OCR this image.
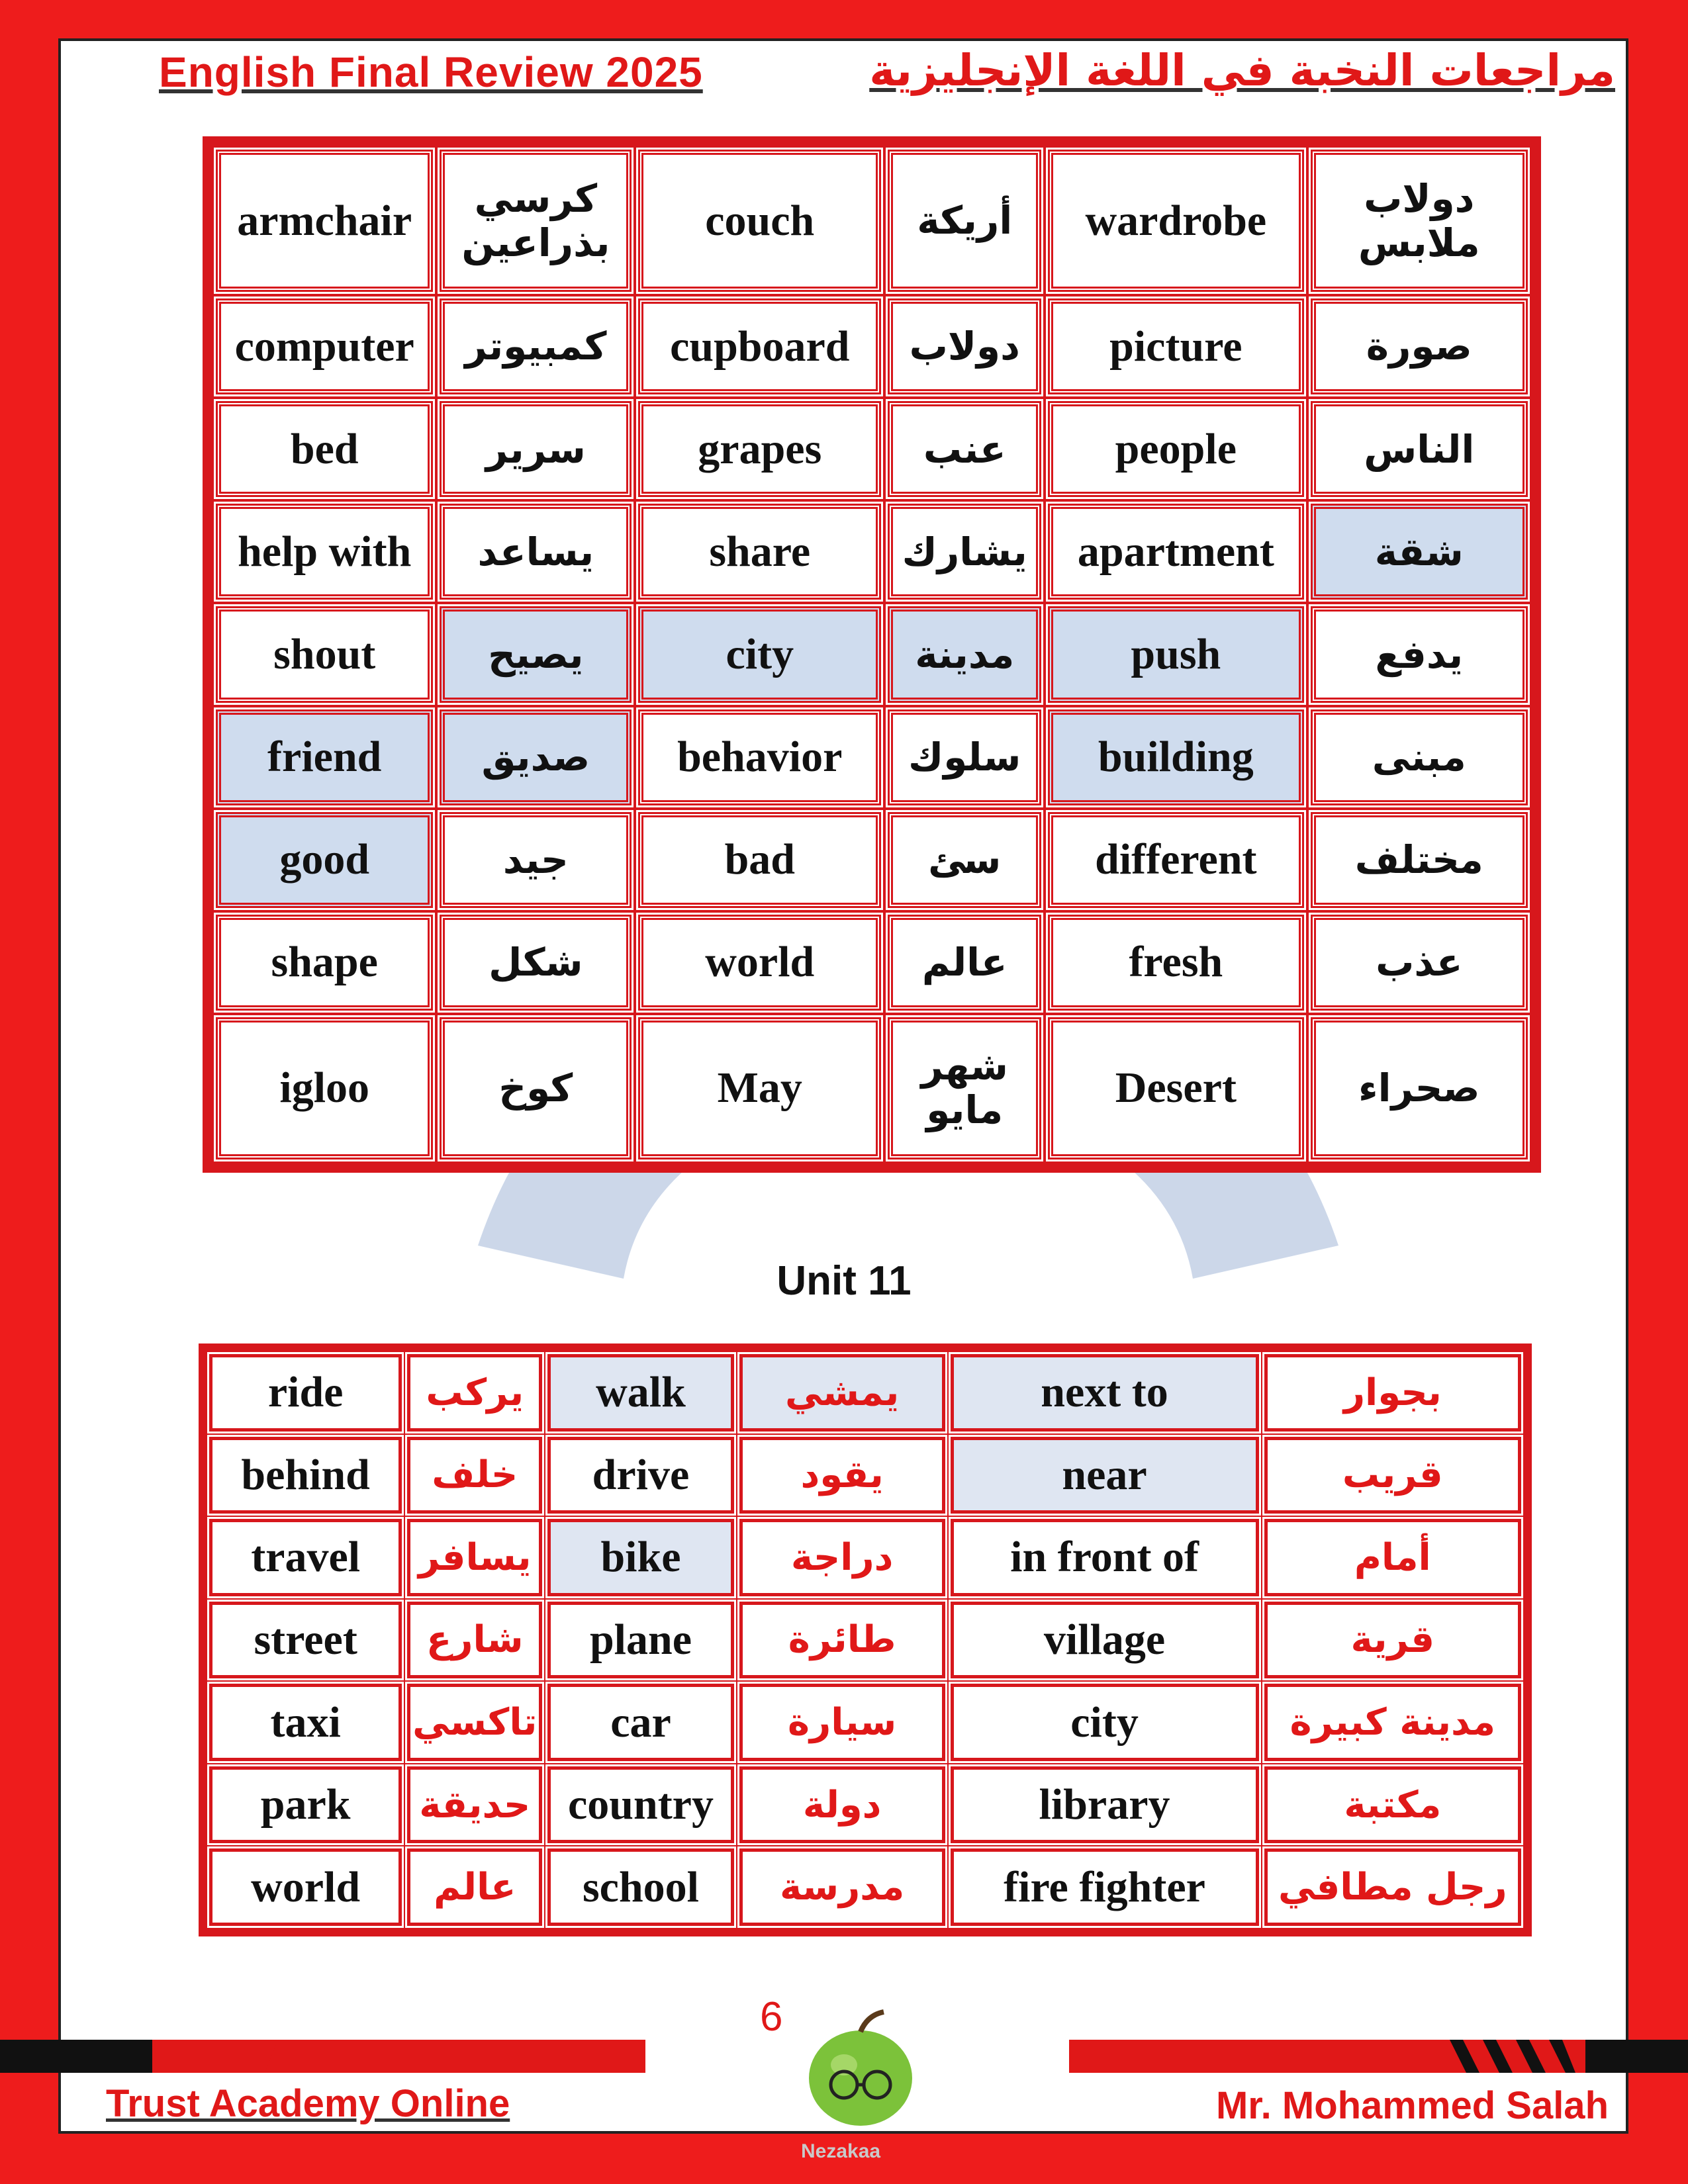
English Final Review 2025	مراجعات النخبة في اللغة الإنجليزية
armchair	كرسي بذراعين	couch	أريكة	wardrobe	دولاب ملابس
computer	كمبيوتر	cupboard	دولاب	picture	صورة
bed	سرير	grapes	عنب	people	الناس
help with	يساعد	share	يشارك	apartment	شقة
shout	يصيح	city	مدينة	push	يدفع
friend	صديق	behavior	سلوك	building	مبنى
good	جيد	bad	سئ	different	مختلف
shape	شكل	world	عالم	fresh	عذب
igloo	كوخ	May	شهر مايو	Desert	صحراء
Unit 11
ride	يركب	walk	يمشي	next to	بجوار
behind	خلف	drive	يقود	near	قريب
travel	يسافر	bike	دراجة	in front of	أمام
street	شارع	plane	طائرة	village	قرية
taxi	تاكسي	car	سيارة	city	مدينة كبيرة
park	حديقة	country	دولة	library	مكتبة
world	عالم	school	مدرسة	fire fighter	رجل مطافي
6
Nezakaa
Trust Academy Online	Mr. Mohammed Salah
